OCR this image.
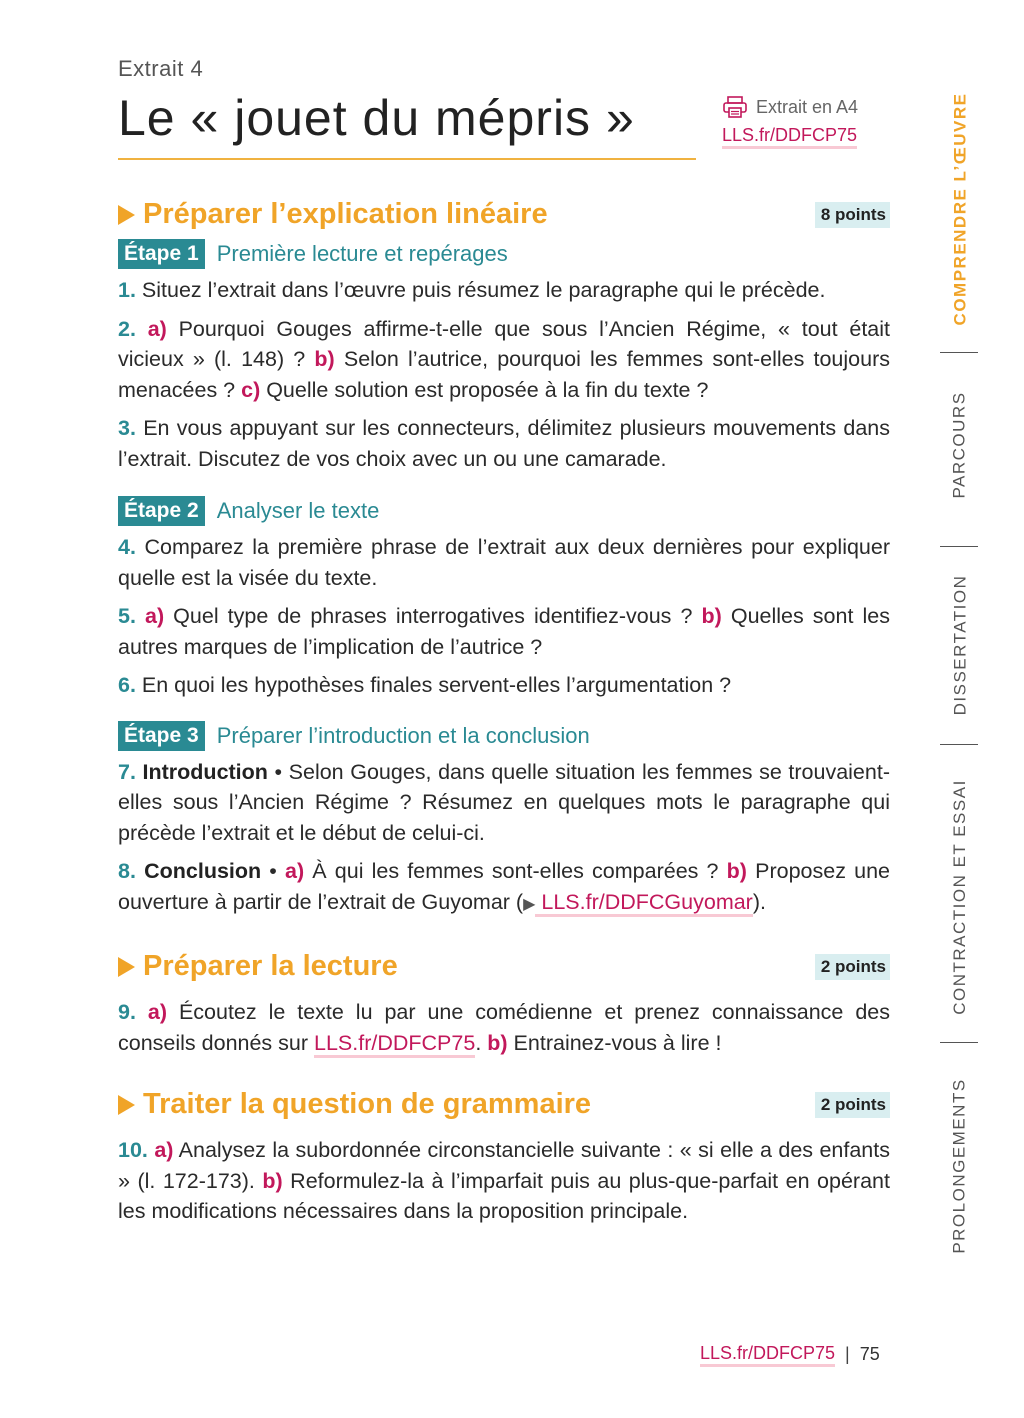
Extrait 4
Le « jouet du mépris »	Extrait en A4
LLS.fr/DDFCP75
Préparer l’explication linéaire	8 points
Étape 1 Première lecture et repérages

1. Situez l’extrait dans l’œuvre puis résumez le paragraphe qui le précède.

2. a) Pourquoi Gouges affirme-t-elle que sous l’Ancien Régime, « tout était vicieux » (l. 148) ? b) Selon l’autrice, pourquoi les femmes sont-elles toujours menacées ? c) Quelle solution est proposée à la fin du texte ?

3. En vous appuyant sur les connecteurs, délimitez plusieurs mouvements dans l’extrait. Discutez de vos choix avec un ou une camarade.

Étape 2 Analyser le texte

4. Comparez la première phrase de l’extrait aux deux dernières pour expliquer quelle est la visée du texte.

5. a) Quel type de phrases interrogatives identifiez-vous ? b) Quelles sont les autres marques de l’implication de l’autrice ?

6. En quoi les hypothèses finales servent-elles l’argumentation ?

Étape 3 Préparer l’introduction et la conclusion

7. Introduction • Selon Gouges, dans quelle situation les femmes se trouvaient-elles sous l’Ancien Régime ? Résumez en quelques mots le paragraphe qui précède l’extrait et le début de celui-ci.

8. Conclusion • a) À qui les femmes sont-elles comparées ? b) Proposez une ouverture à partir de l’extrait de Guyomar (▶ LLS.fr/DDFCGuyomar).

Préparer la lecture	2 points

9. a) Écoutez le texte lu par une comédienne et prenez connaissance des conseils donnés sur LLS.fr/DDFCP75. b) Entrainez-vous à lire !

Traiter la question de grammaire	2 points

10. a) Analysez la subordonnée circonstancielle suivante : « si elle a des enfants » (l. 172-173). b) Reformulez-la à l’imparfait puis au plus-que-parfait en opérant les modifications nécessaires dans la proposition principale.

LLS.fr/DDFCP75 | 75
COMPRENDRE L’ŒUVRE
PARCOURS
DISSERTATION
CONTRACTION ET ESSAI
PROLONGEMENTS
